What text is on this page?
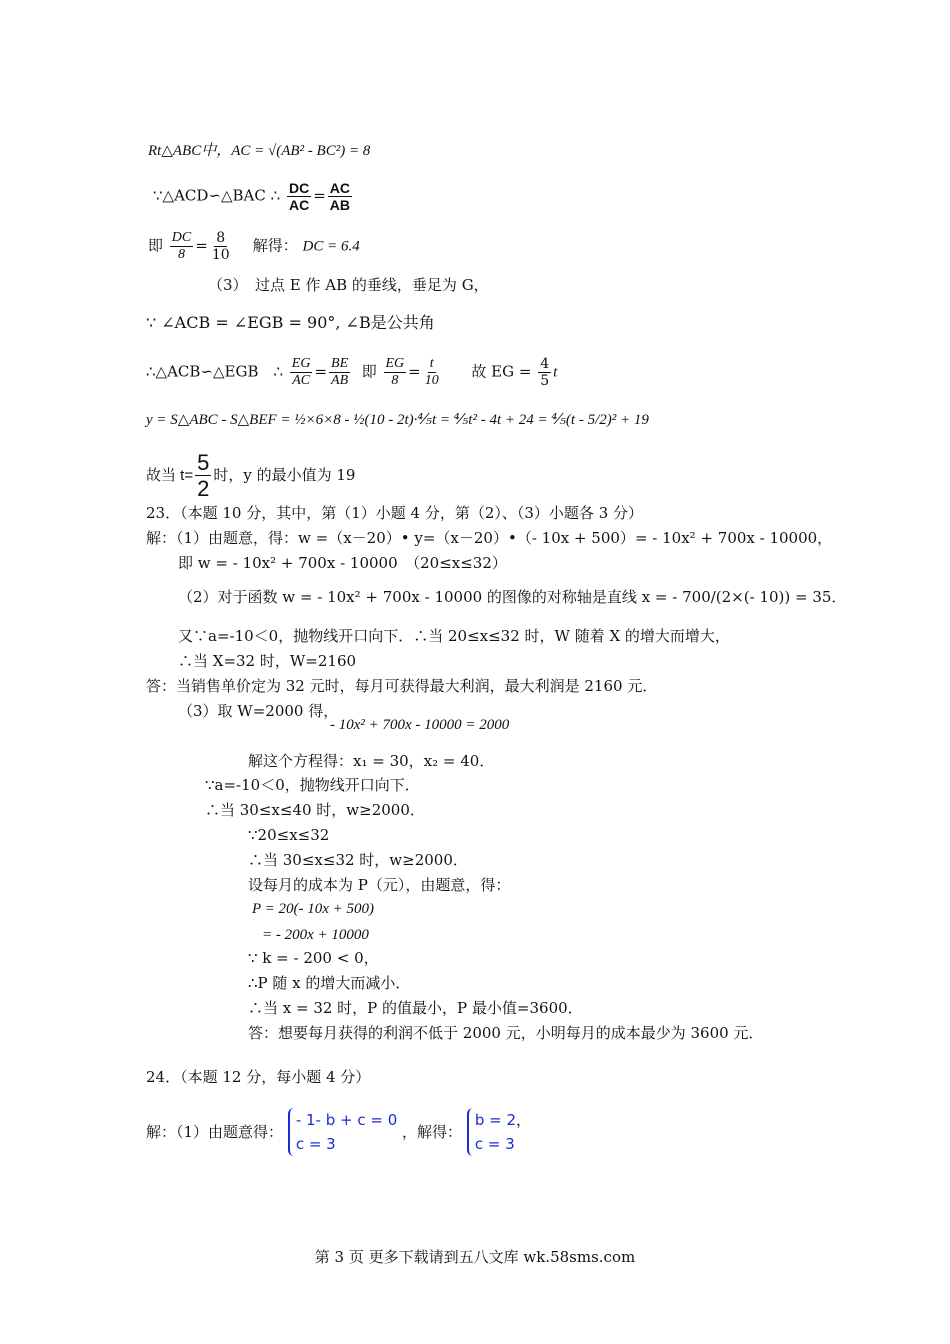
Rt△ABC中，AC = √(AB² - BC²) = 8
∵△ACD∽△BAC ∴ $\frac{DC}{AC} = \frac{AC}{AB}$
即 $\frac{DC}{8} = \frac{8}{10}$ 解得： DC = 6.4
（3）　过点 E 作 AB 的垂线，垂足为 G，
∵ ∠ACB = ∠EGB = 90°, ∠B是公共角
∴△ACB∽△EGB　∴ $\frac{EG}{AC} = \frac{BE}{AB}$ 即 $\frac{EG}{8} = \frac{t}{10}$ 故 EG = $\frac{4}{5}$ t
y = S△ABC - S△BEF = ½×6×8 - ½(10 - 2t)·⅘t = ⅘t² - 4t + 24 = ⅘(t - 5/2)² + 19
故当 $t= \frac{5}{2}$ 时，y 的最小值为 19
23．（本题 10 分，其中，第（1）小题 4 分，第（2）、（3）小题各 3 分）
解：（1）由题意，得：w =（x－20）• y=（x－20）•（- 10x + 500）= - 10x² + 700x - 10000，
即 w = - 10x² + 700x - 10000　（20≤x≤32）
（2）对于函数 w = - 10x² + 700x - 10000 的图像的对称轴是直线 x = - 700/(2×(- 10)) = 35．
又∵a=-10＜0，抛物线开口向下．∴当 20≤x≤32 时，W 随着 X 的增大而增大，
∴当 X=32 时，W=2160
答：当销售单价定为 32 元时，每月可获得最大利润，最大利润是 2160 元．
（3）取 W=2000 得，
- 10x² + 700x - 10000 = 2000
解这个方程得：x₁ = 30，x₂ = 40．
∵a=-10＜0，抛物线开口向下．
∴当 30≤x≤40 时，w≥2000．
∵20≤x≤32
∴当 30≤x≤32 时，w≥2000．
设每月的成本为 P（元），由题意，得：
P = 20(- 10x + 500)
= - 200x + 10000
∵ k = - 200 < 0，
∴P 随 x 的增大而减小．
∴当 x = 32 时，P 的值最小，P 最小值=3600．
答：想要每月获得的利润不低于 2000 元，小明每月的成本最少为 3600 元．
24．（本题 12 分，每小题 4 分）
解：（1）由题意得： - 1- b + c = 0
c = 3 ，解得： b = 2，
c = 3
第 3 页 更多下载请到五八文库 wk.58sms.com
